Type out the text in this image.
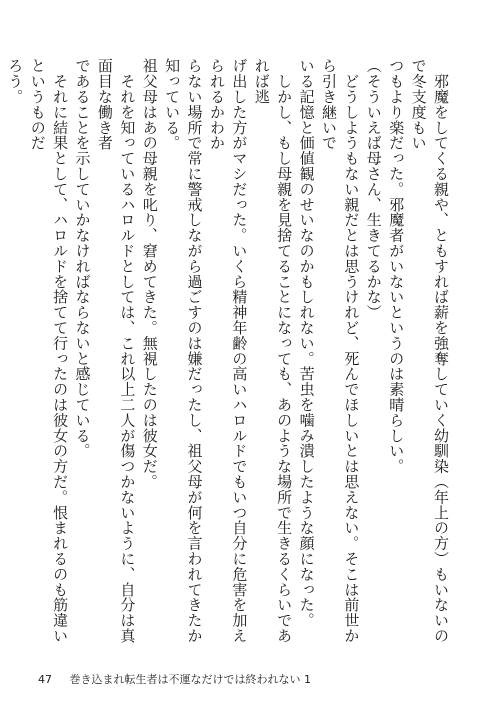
　邪魔をしてくる親や、ともすれば薪を強奪していく幼馴染（年上の方）もいないので冬支度もい
つもより楽だった。邪魔者がいないというのは素晴らしい。

（そういえば母さん、生きてるかな）

　どうしようもない親だとは思うけれど、死んでほしいとは思えない。そこは前世から引き継いで
いる記憶と価値観のせいなのかもしれない。苦虫を噛み潰したような顔になった。

　しかし、もし母親を見捨てることになっても、あのような場所で生きるくらいであれば逃
げ出した方がマシだった。いくら精神年齢の高いハロルドでもいつ自分に危害を加えられるかわか
らない場所で常に警戒しながら過ごすのは嫌だったし、祖父母が何を言われてきたか知っている。
祖父母はあの母親を叱り、窘めてきた。無視したのは彼女だ。

　それを知っているハロルドとしては、これ以上二人が傷つかないように、自分は真面目な働き者
であることを示していかなければならないと感じている。

　それに結果として、ハロルドを捨てて行ったのは彼女の方だ。恨まれるのも筋違いというものだ
ろう。

47 巻き込まれ転生者は不運なだけでは終われない 1
